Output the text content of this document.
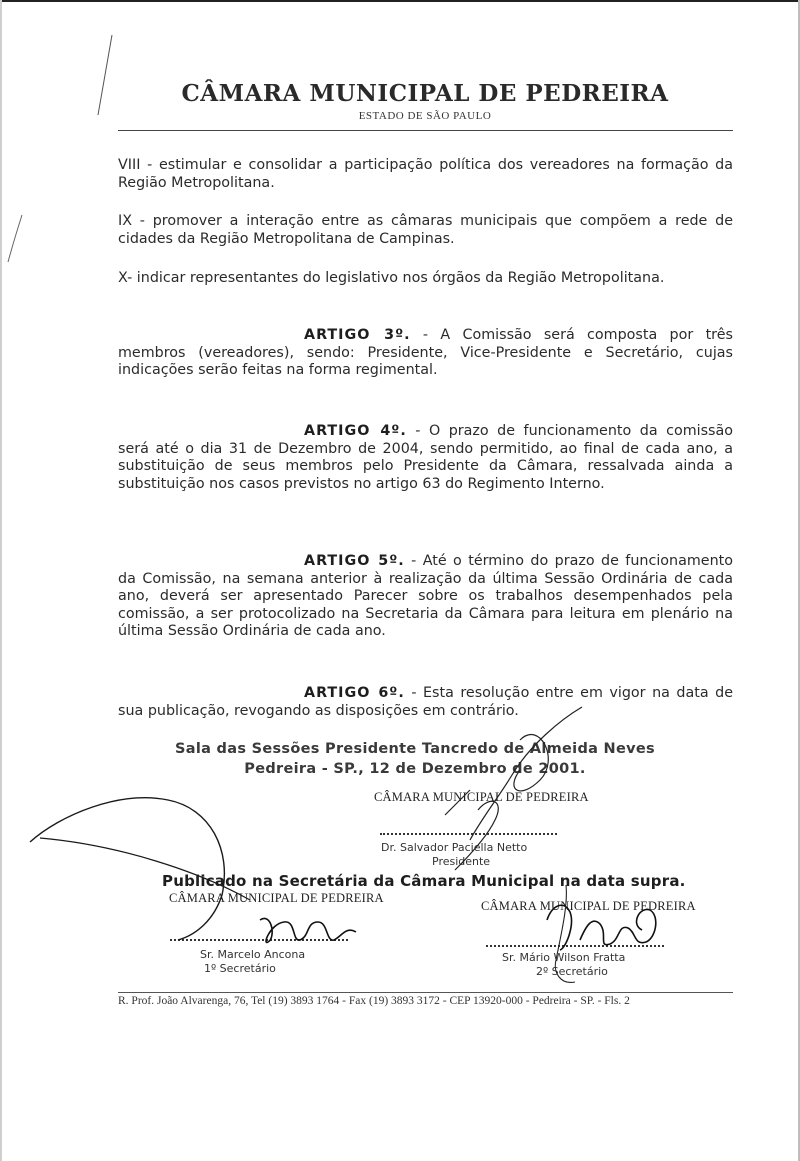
CÂMARA MUNICIPAL DE PEDREIRA
ESTADO DE SÃO PAULO
VIII - estimular e consolidar a participação política dos vereadores na formação da Região Metropolitana.
IX - promover a interação entre as câmaras municipais que compõem a rede de cidades da Região Metropolitana de Campinas.
X- indicar representantes do legislativo nos órgãos da Região Metropolitana.
ARTIGO 3º. - A Comissão será composta por três membros (vereadores), sendo: Presidente, Vice-Presidente e Secretário, cujas indicações serão feitas na forma regimental.
ARTIGO 4º. - O prazo de funcionamento da comissão será até o dia 31 de Dezembro de 2004, sendo permitido, ao final de cada ano, a substituição de seus membros pelo Presidente da Câmara, ressalvada ainda a substituição nos casos previstos no artigo 63 do Regimento Interno.
ARTIGO 5º. - Até o término do prazo de funcionamento da Comissão, na semana anterior à realização da última Sessão Ordinária de cada ano, deverá ser apresentado Parecer sobre os trabalhos desempenhados pela comissão, a ser protocolizado na Secretaria da Câmara para leitura em plenário na última Sessão Ordinária de cada ano.
ARTIGO 6º. - Esta resolução entre em vigor na data de sua publicação, revogando as disposições em contrário.
Sala das Sessões Presidente Tancredo de Almeida Neves
Pedreira - SP., 12 de Dezembro de 2001.
CÂMARA MUNICIPAL DE PEDREIRA
Dr. Salvador Paciella Netto
Presidente
Publicado na Secretária da Câmara Municipal na data supra.
CÂMARA MUNICIPAL DE PEDREIRA
Sr. Marcelo Ancona
1º Secretário
CÂMARA MUNICIPAL DE PEDREIRA
Sr. Mário Wilson Fratta
2º Secretário
R. Prof. João Alvarenga, 76, Tel (19) 3893 1764 - Fax (19) 3893 3172 - CEP 13920-000 - Pedreira - SP. - Fls. 2
